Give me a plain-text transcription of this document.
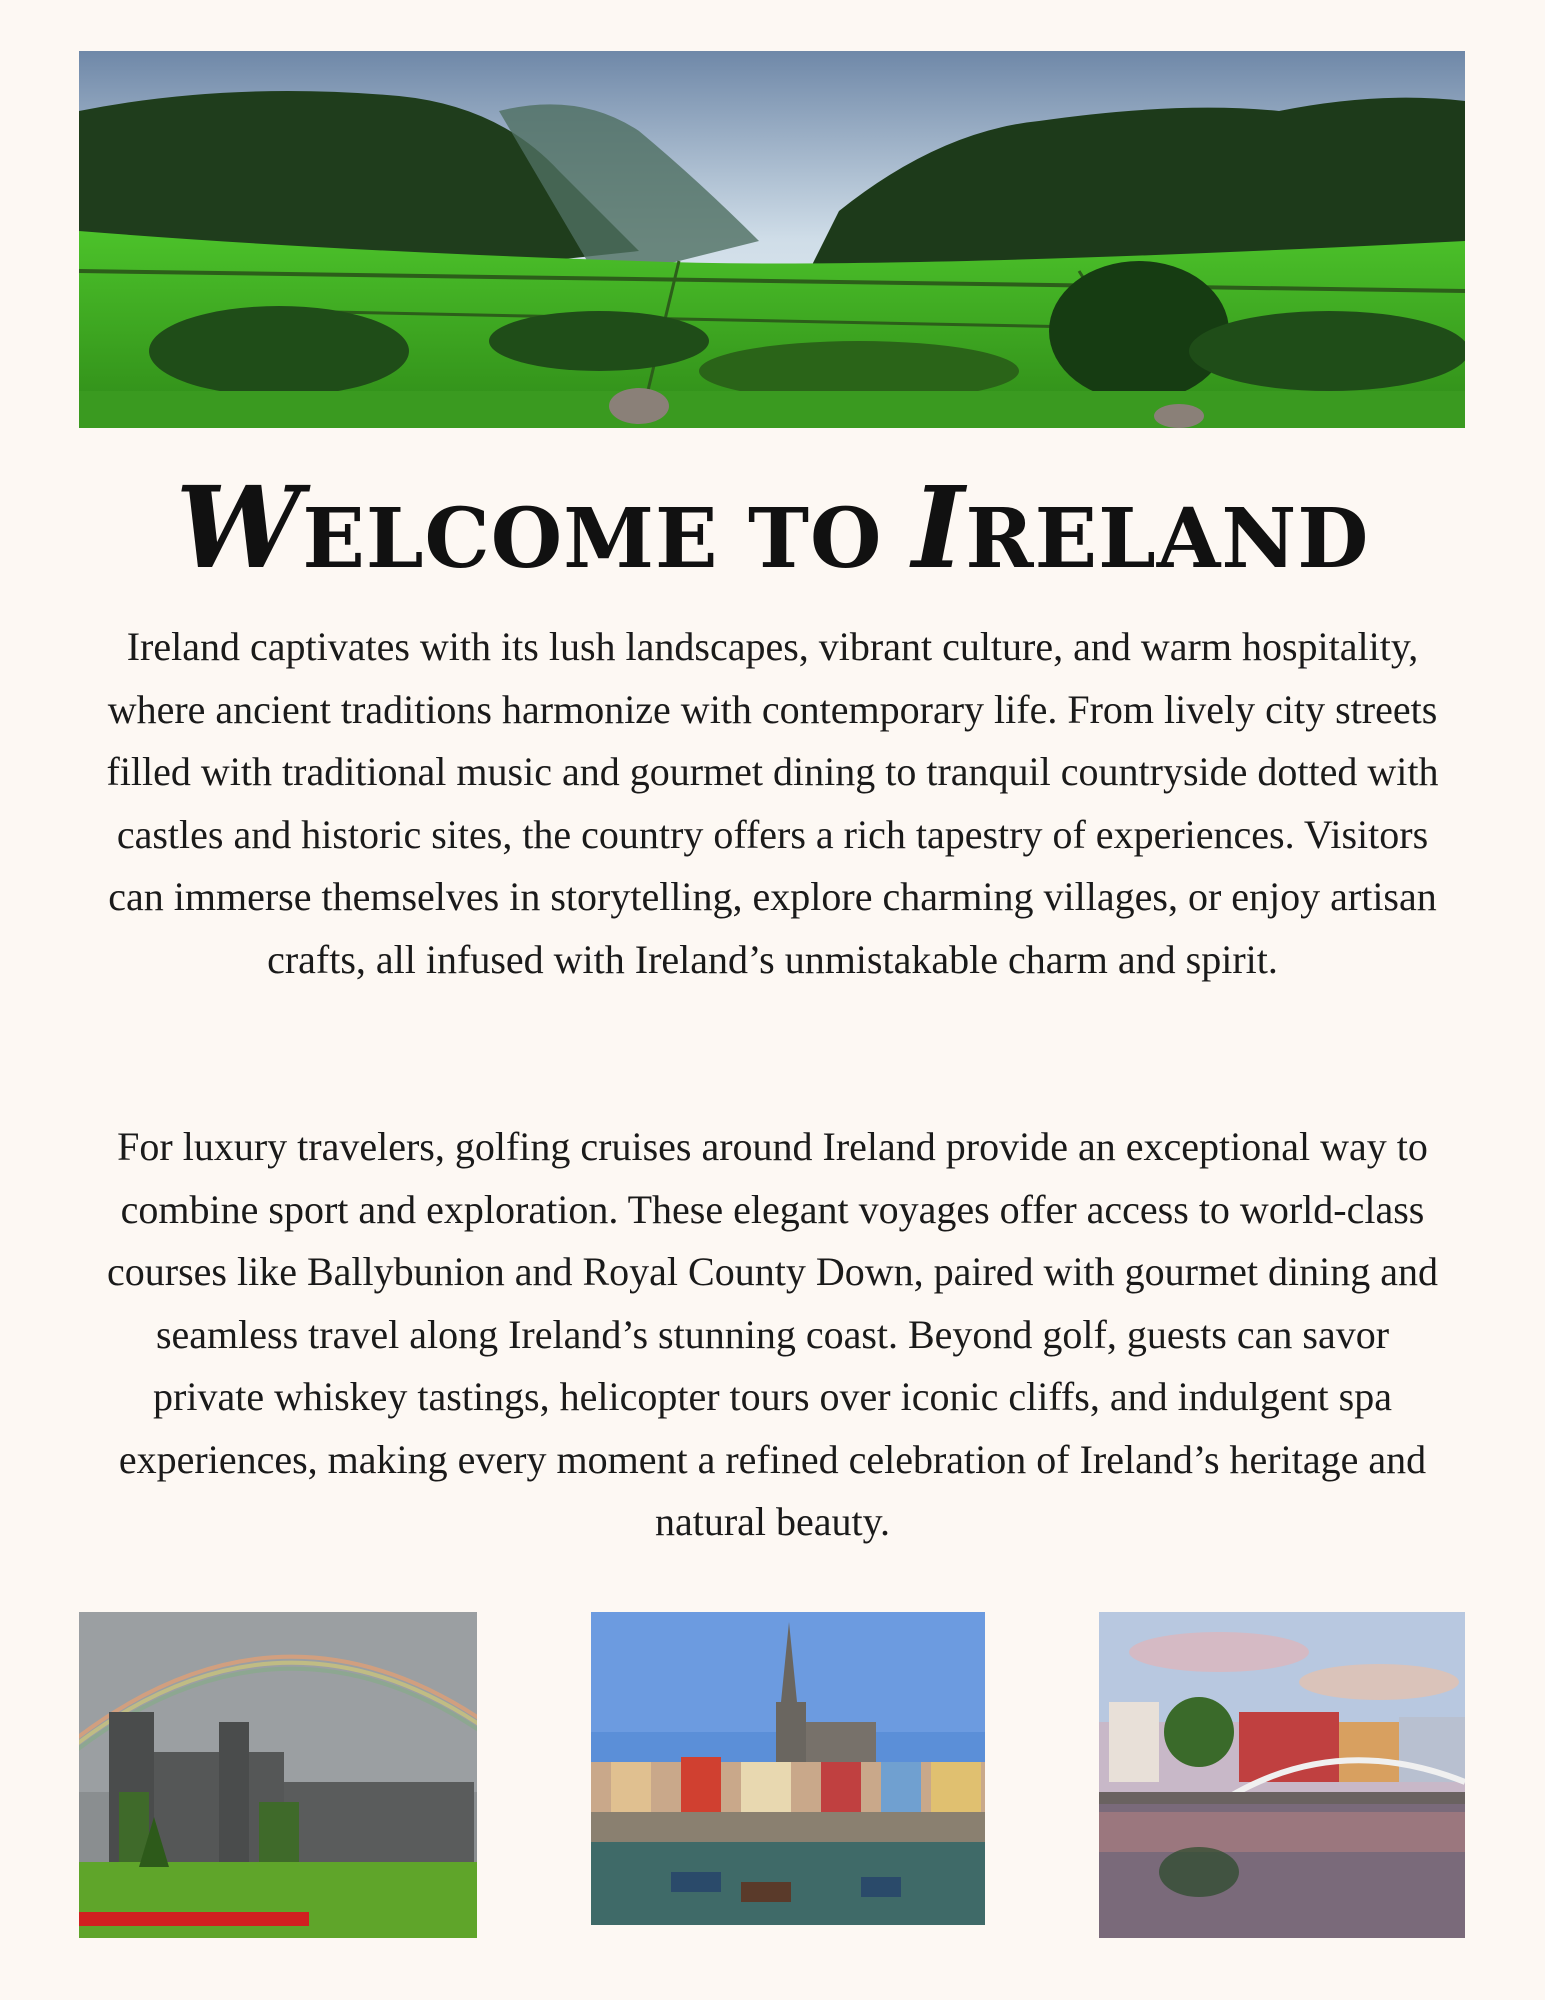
WELCOME TO IRELAND

Ireland captivates with its lush landscapes, vibrant culture, and warm hospitality, where ancient traditions harmonize with contemporary life. From lively city streets filled with traditional music and gourmet dining to tranquil countryside dotted with castles and historic sites, the country offers a rich tapestry of experiences. Visitors can immerse themselves in storytelling, explore charming villages, or enjoy artisan crafts, all infused with Ireland’s unmistakable charm and spirit.

For luxury travelers, golfing cruises around Ireland provide an exceptional way to combine sport and exploration. These elegant voyages offer access to world-class courses like Ballybunion and Royal County Down, paired with gourmet dining and seamless travel along Ireland’s stunning coast. Beyond golf, guests can savor private whiskey tastings, helicopter tours over iconic cliffs, and indulgent spa experiences, making every moment a refined celebration of Ireland’s heritage and natural beauty.
